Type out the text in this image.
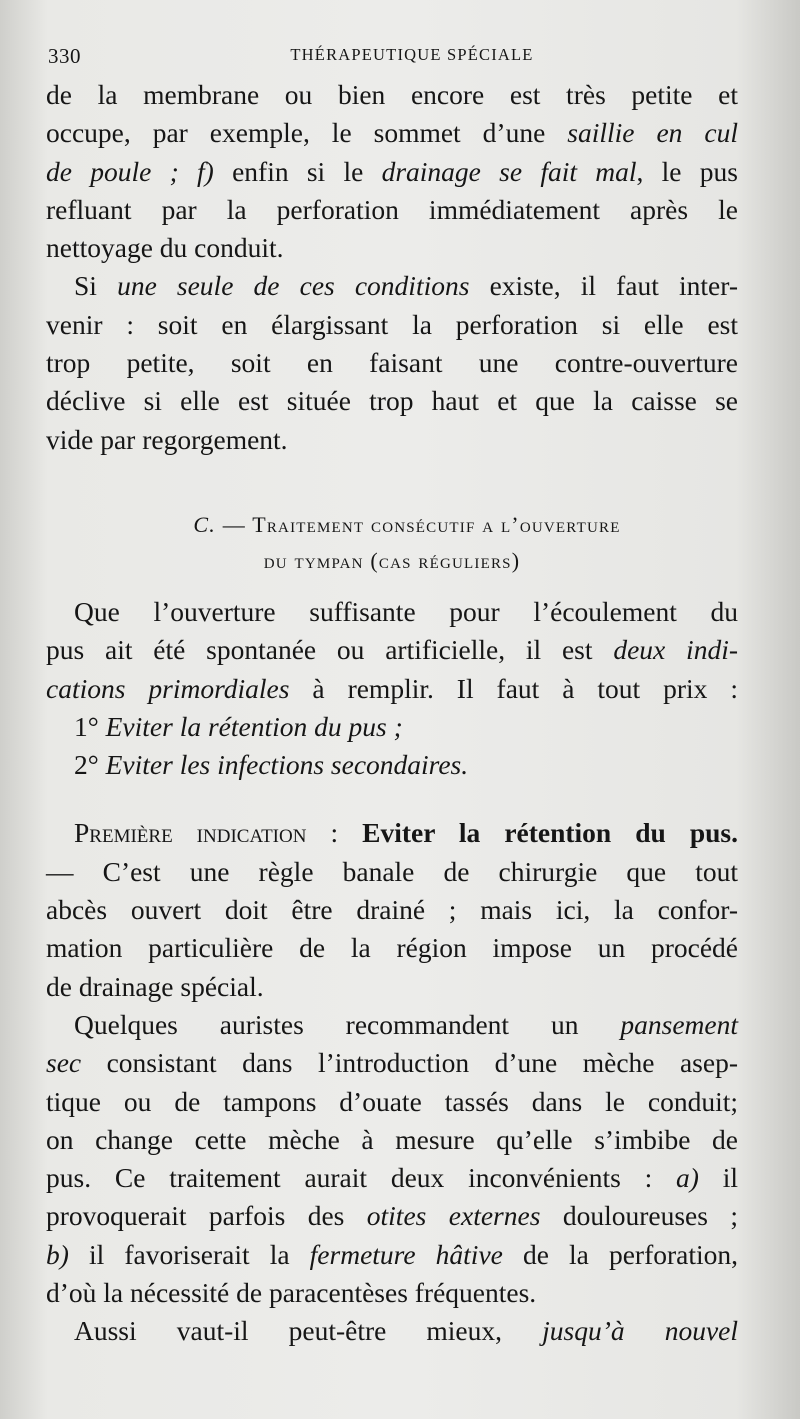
330	THÉRAPEUTIQUE SPÉCIALE
de la membrane ou bien encore est très petite et
occupe, par exemple, le sommet d’une saillie en cul
de poule ; f) enfin si le drainage se fait mal, le pus
refluant par la perforation immédiatement après le
nettoyage du conduit.
Si une seule de ces conditions existe, il faut inter-
venir : soit en élargissant la perforation si elle est
trop petite, soit en faisant une contre-ouverture
déclive si elle est située trop haut et que la caisse se
vide par regorgement.
C. — Traitement consécutif a l’ouverture
du tympan (cas réguliers)
Que l’ouverture suffisante pour l’écoulement du
pus ait été spontanée ou artificielle, il est deux indi-
cations primordiales à remplir. Il faut à tout prix :
1° Eviter la rétention du pus ;
2° Eviter les infections secondaires.
Première indication : Eviter la rétention du pus.
— C’est une règle banale de chirurgie que tout
abcès ouvert doit être drainé ; mais ici, la confor-
mation particulière de la région impose un procédé
de drainage spécial.
Quelques auristes recommandent un pansement
sec consistant dans l’introduction d’une mèche asep-
tique ou de tampons d’ouate tassés dans le conduit;
on change cette mèche à mesure qu’elle s’imbibe de
pus. Ce traitement aurait deux inconvénients : a) il
provoquerait parfois des otites externes douloureuses ;
b) il favoriserait la fermeture hâtive de la perforation,
d’où la nécessité de paracentèses fréquentes.
Aussi vaut-il peut-être mieux, jusqu’à nouvel
